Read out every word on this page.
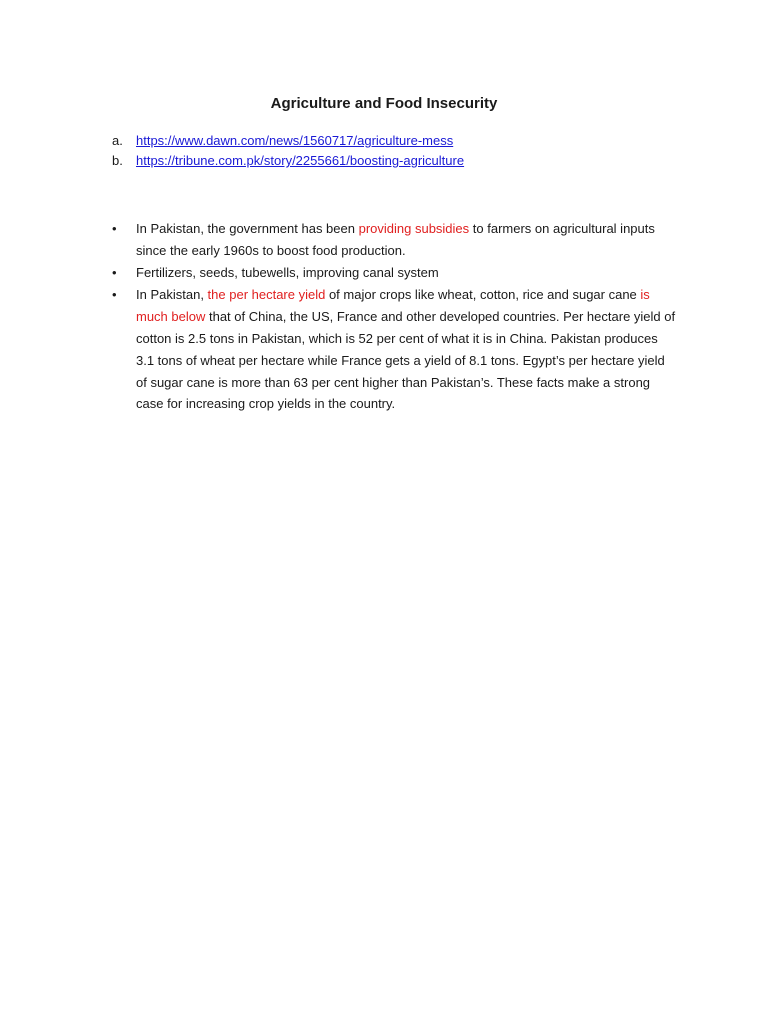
Agriculture and Food Insecurity
a. https://www.dawn.com/news/1560717/agriculture-mess
b. https://tribune.com.pk/story/2255661/boosting-agriculture
• In Pakistan, the government has been providing subsidies to farmers on agricultural inputs since the early 1960s to boost food production.
• Fertilizers, seeds, tubewells, improving canal system
• In Pakistan, the per hectare yield of major crops like wheat, cotton, rice and sugar cane is much below that of China, the US, France and other developed countries. Per hectare yield of cotton is 2.5 tons in Pakistan, which is 52 per cent of what it is in China. Pakistan produces 3.1 tons of wheat per hectare while France gets a yield of 8.1 tons. Egypt’s per hectare yield of sugar cane is more than 63 per cent higher than Pakistan’s. These facts make a strong case for increasing crop yields in the country.
